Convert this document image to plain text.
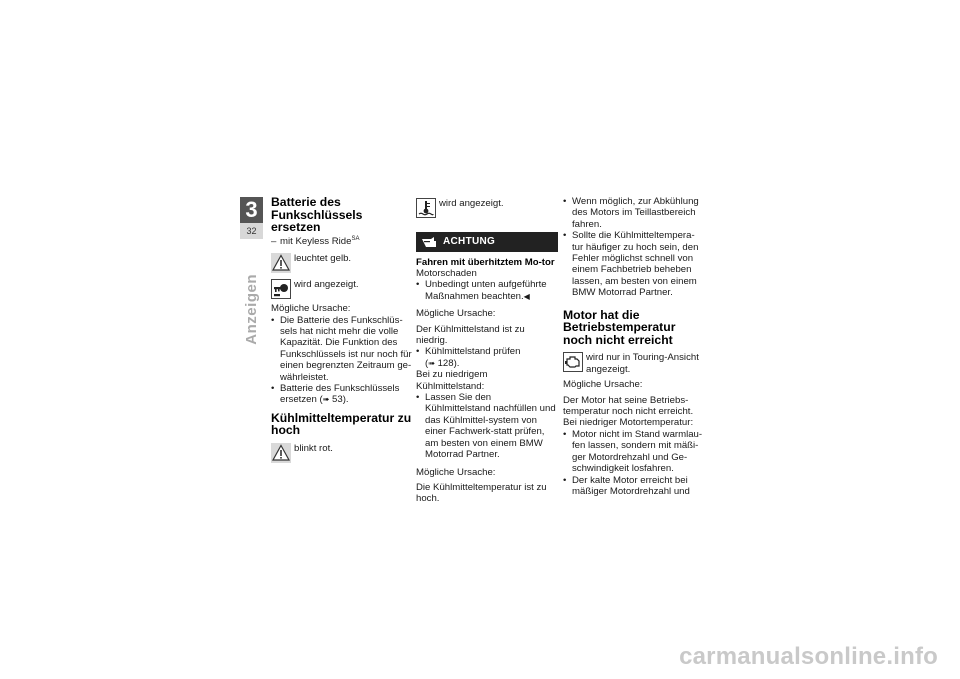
3
32
Anzeigen
Batterie des Funkschlüssels ersetzen
– mit Keyless Ride$^{SA}$
leuchtet gelb.
wird angezeigt.

Mögliche Ursache:

• Die Batterie des Funkschlüs-sels hat nicht mehr die volle Kapazität. Die Funktion des Funkschlüssels ist nur noch für einen begrenzten Zeitraum ge-währleistet.
• Batterie des Funkschlüssels ersetzen (➠ 53).
Kühlmitteltemperatur zu hoch
blinkt rot.
wird angezeigt.
ACHTUNG
Fahren mit überhitztem Mo-tor

Motorschaden

• Unbedingt unten aufgeführte Maßnahmen beachten.◀

Mögliche Ursache:

Der Kühlmittelstand ist zu niedrig.

• Kühlmittelstand prüfen
(➠ 128).

Bei zu niedrigem Kühlmittelstand:

• Lassen Sie den Kühlmittelstand nachfüllen und das Kühlmittel-system von einer Fachwerk-statt prüfen, am besten von einem BMW Motorrad Partner.

Mögliche Ursache:

Die Kühlmitteltemperatur ist zu hoch.

• Wenn möglich, zur Abkühlung des Motors im Teillastbereich fahren.
• Sollte die Kühlmitteltempera-tur häufiger zu hoch sein, den Fehler möglichst schnell von einem Fachbetrieb beheben lassen, am besten von einem BMW Motorrad Partner.
Motor hat die Betriebstemperatur noch nicht erreicht
wird nur in Touring-Ansicht angezeigt.

Mögliche Ursache:

Der Motor hat seine Betriebs-temperatur noch nicht erreicht.

Bei niedriger Motortemperatur:

• Motor nicht im Stand warmlau-fen lassen, sondern mit mäßi-ger Motordrehzahl und Ge-schwindigkeit losfahren.
• Der kalte Motor erreicht bei mäßiger Motordrehzahl und
carmanualsonline.info
